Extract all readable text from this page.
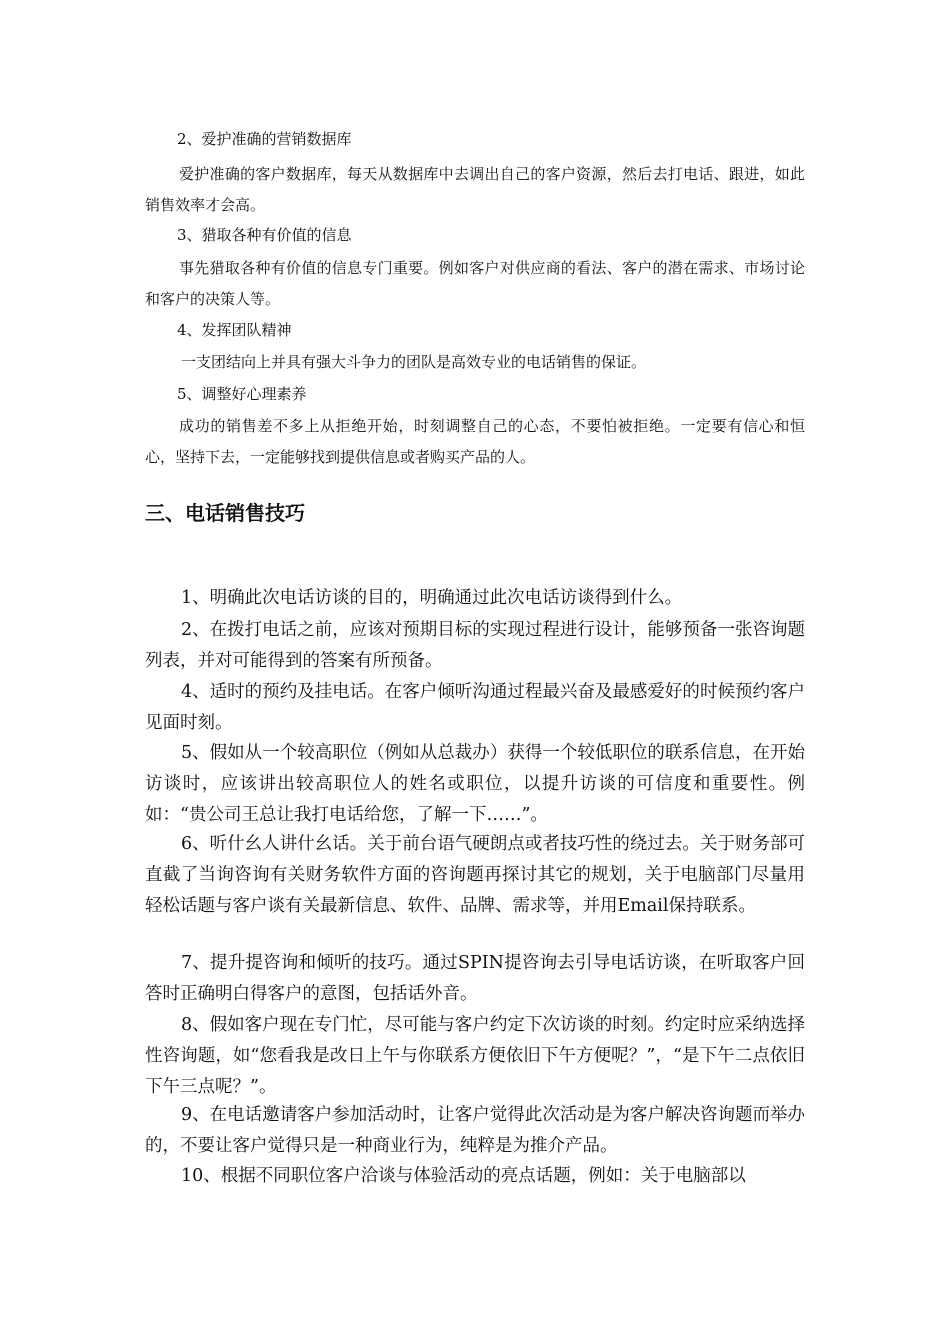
2、爱护准确的营销数据库

爱护准确的客户数据库，每天从数据库中去调出自己的客户资源，然后去打电话、跟进，如此销售效率才会高。

3、猎取各种有价值的信息

事先猎取各种有价值的信息专门重要。例如客户对供应商的看法、客户的潜在需求、市场讨论和客户的决策人等。

4、发挥团队精神

一支团结向上并具有强大斗争力的团队是高效专业的电话销售的保证。

5、调整好心理素养

成功的销售差不多上从拒绝开始，时刻调整自己的心态，不要怕被拒绝。一定要有信心和恒心，坚持下去，一定能够找到提供信息或者购买产品的人。

三、电话销售技巧

1、明确此次电话访谈的目的，明确通过此次电话访谈得到什么。

2、在拨打电话之前，应该对预期目标的实现过程进行设计，能够预备一张咨询题列表，并对可能得到的答案有所预备。

4、适时的预约及挂电话。在客户倾听沟通过程最兴奋及最感爱好的时候预约客户见面时刻。

5、假如从一个较高职位（例如从总裁办）获得一个较低职位的联系信息，在开始访谈时，应该讲出较高职位人的姓名或职位，以提升访谈的可信度和重要性。例如：“贵公司王总让我打电话给您，了解一下……”。

6、听什幺人讲什幺话。关于前台语气硬朗点或者技巧性的绕过去。关于财务部可直截了当询咨询有关财务软件方面的咨询题再探讨其它的规划，关于电脑部门尽量用轻松话题与客户谈有关最新信息、软件、品牌、需求等，并用Email保持联系。

7、提升提咨询和倾听的技巧。通过SPIN提咨询去引导电话访谈，在听取客户回答时正确明白得客户的意图，包括话外音。

8、假如客户现在专门忙，尽可能与客户约定下次访谈的时刻。约定时应采纳选择性咨询题，如“您看我是改日上午与你联系方便依旧下午方便呢？”，“是下午二点依旧下午三点呢？”。

9、在电话邀请客户参加活动时，让客户觉得此次活动是为客户解决咨询题而举办的，不要让客户觉得只是一种商业行为，纯粹是为推介产品。

10、根据不同职位客户洽谈与体验活动的亮点话题，例如：关于电脑部以
